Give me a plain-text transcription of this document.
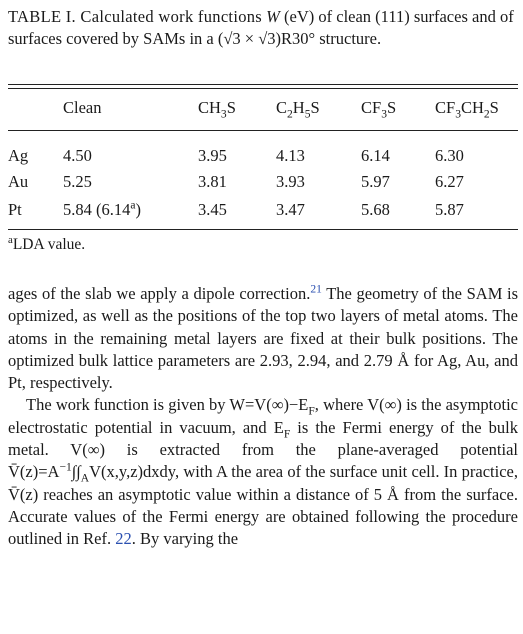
TABLE I. Calculated work functions W (eV) of clean (111) surfaces and of surfaces covered by SAMs in a (√3 × √3)R30° structure.
	Clean	$CH_3S$	$C_2H_5S$	$CF_3S$	$CF_3CH_2S$
Ag	4.50	3.95	4.13	6.14	6.30
Au	5.25	3.81	3.93	5.97	6.27
Pt	5.84 (6.14$^a$)	3.45	3.47	5.68	5.87
$^a$LDA value.

ages of the slab we apply a dipole correction.$^{21}$ The geometry of the SAM is optimized, as well as the positions of the top two layers of metal atoms. The atoms in the remaining metal layers are fixed at their bulk positions. The optimized bulk lattice parameters are 2.93, 2.94, and 2.79 Å for Ag, Au, and Pt, respectively.

The work function is given by $W=V(\infty)-E_F$, where V(∞) is the asymptotic electrostatic potential in vacuum, and $E_F$ is the Fermi energy of the bulk metal. V(∞) is extracted from the plane-averaged potential $V̄(z)=A^{-1}\int\int_AV(x,y,z)dxdy$, with A the area of the surface unit cell. In practice, V̄(z) reaches an asymptotic value within a distance of 5 Å from the surface. Accurate values of the Fermi energy are obtained following the procedure outlined in Ref. 22. By varying the
